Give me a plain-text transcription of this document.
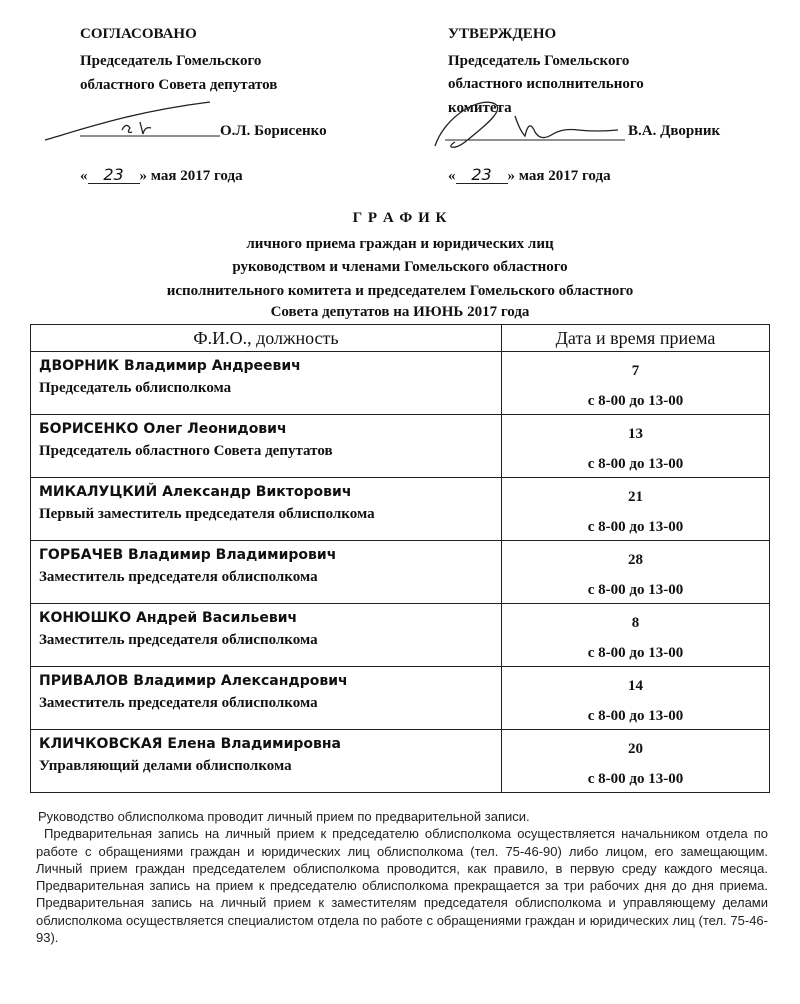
СОГЛАСОВАНО
Председатель Гомельского
областного Совета депутатов
О.Л. Борисенко
« 23 » мая 2017 года
УТВЕРЖДЕНО
Председатель Гомельского
областного исполнительного
комитета
В.А. Дворник
« 23 » мая 2017 года
Г Р А Ф И К
личного приема граждан и юридических лиц
руководством и членами Гомельского областного
исполнительного комитета и председателем Гомельского областного
Совета депутатов на ИЮНЬ 2017 года
Ф.И.О., должность	Дата и время приема

ДВОРНИК Владимир Андреевич
Председатель облисполкома	7
с 8-00 до 13-00

БОРИСЕНКО Олег Леонидович
Председатель областного Совета депутатов	13
с 8-00 до 13-00

МИКАЛУЦКИЙ Александр Викторович
Первый заместитель председателя облисполкома	21
с 8-00 до 13-00

ГОРБАЧЕВ Владимир Владимирович
Заместитель председателя облисполкома	28
с 8-00 до 13-00

КОНЮШКО Андрей Васильевич
Заместитель председателя облисполкома	8
с 8-00 до 13-00

ПРИВАЛОВ Владимир Александрович
Заместитель председателя облисполкома	14
с 8-00 до 13-00

КЛИЧКОВСКАЯ Елена Владимировна
Управляющий делами облисполкома	20
с 8-00 до 13-00

Руководство облисполкома проводит личный прием по предварительной записи.

Предварительная запись на личный прием к председателю облисполкома осуществляется начальником отдела по работе с обращениями граждан и юридических лиц облисполкома (тел. 75-46-90) либо лицом, его замещающим. Личный прием граждан председателем облисполкома проводится, как правило, в первую среду каждого месяца. Предварительная запись на прием к председателю облисполкома прекращается за три рабочих дня до дня приема. Предварительная запись на личный прием к заместителям председателя облисполкома и управляющему делами облисполкома осуществляется специалистом отдела по работе с обращениями граждан и юридических лиц (тел. 75-46-93).
